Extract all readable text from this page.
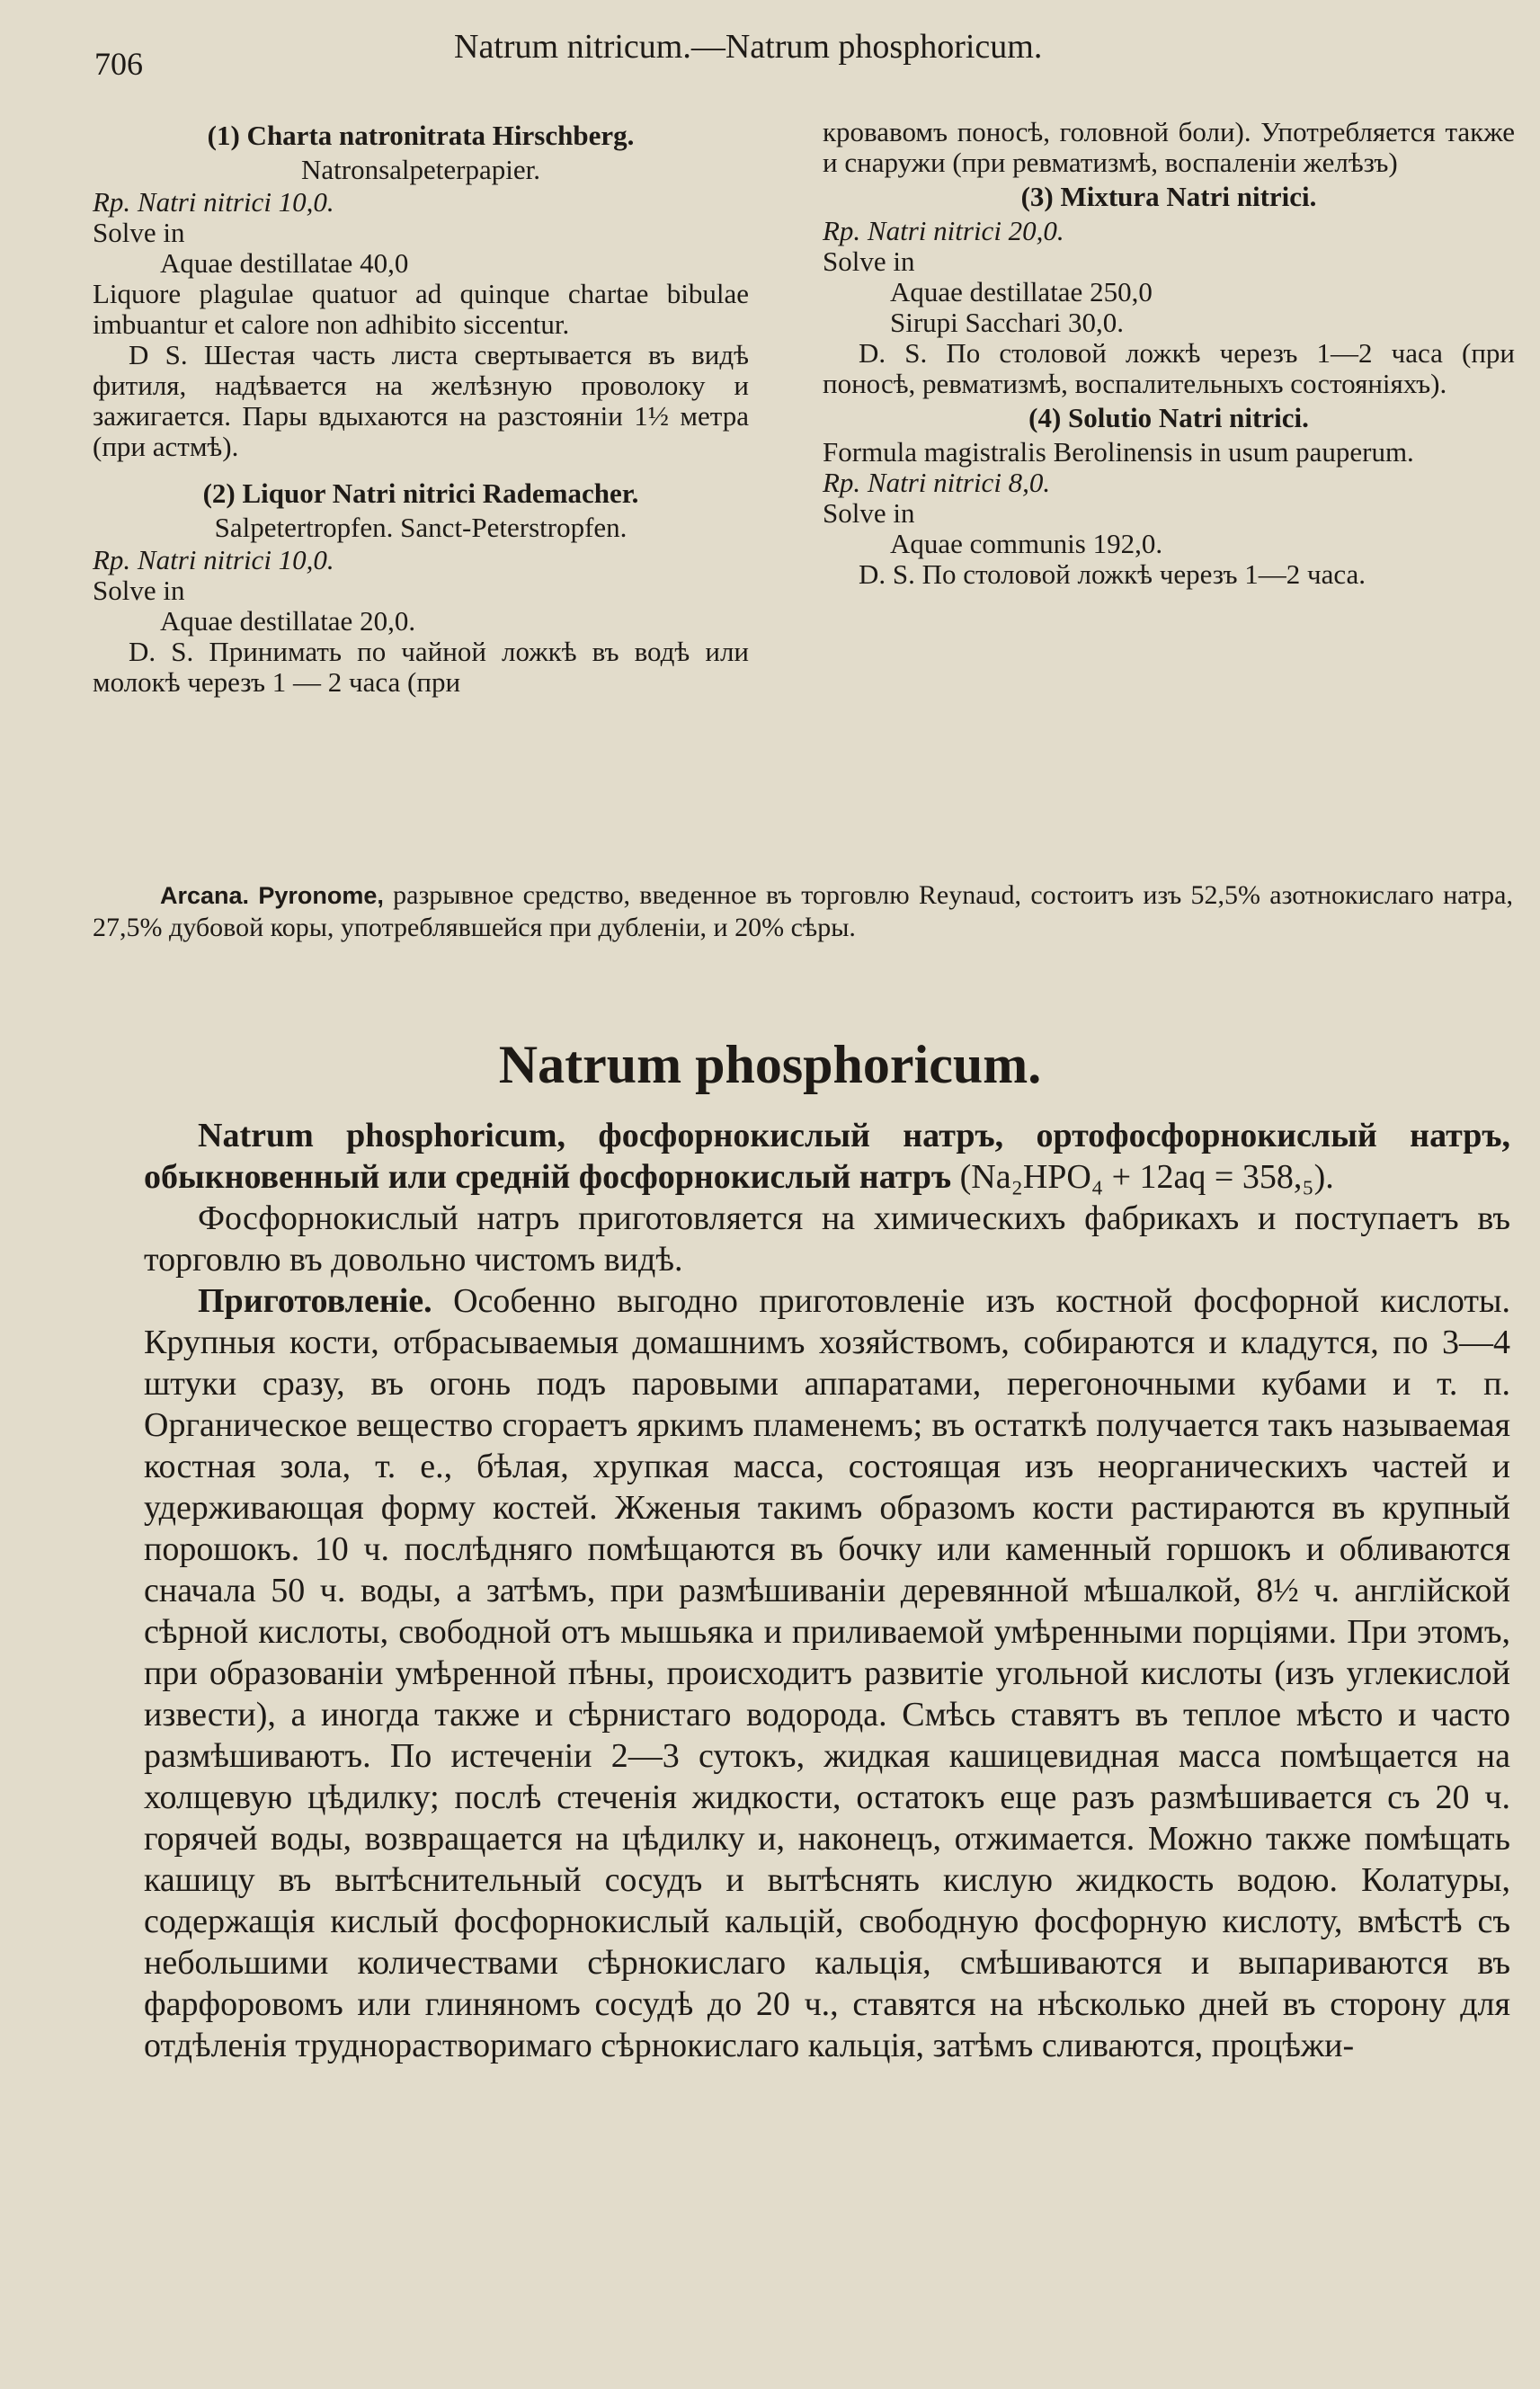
706	Natrum nitricum.—Natrum phosphoricum.
(1) Charta natronitrata Hirschberg.
Natronsalpeterpapier.
Rp. Natri nitrici 10,0.
Solve in
Aquae destillatae 40,0

Liquore plagulae quatuor ad quinque chartae bibulae imbuantur et calore non adhibito siccentur.

D S. Шестая часть листа свертывается въ видѣ фитиля, надѣвается на желѣзную проволоку и зажигается. Пары вдыхаются на разстояніи 1½ метра (при астмѣ).

(2) Liquor Natri nitrici Rademacher.
Salpetertropfen. Sanct-Peterstropfen.
Rp. Natri nitrici 10,0.
Solve in
Aquae destillatae 20,0.

D. S. Принимать по чайной ложкѣ въ водѣ или молокѣ черезъ 1 — 2 часа (при

кровавомъ поносѣ, головной боли). Употребляется также и снаружи (при ревматизмѣ, воспаленіи желѣзъ)

(3) Mixtura Natri nitrici.
Rp. Natri nitrici 20,0.
Solve in
Aquae destillatae 250,0
Sirupi Sacchari 30,0.

D. S. По столовой ложкѣ черезъ 1—2 часа (при поносѣ, ревматизмѣ, воспалительныхъ состояніяхъ).

(4) Solutio Natri nitrici.

Formula magistralis Berolinensis in usum pauperum.

Rp. Natri nitrici 8,0.
Solve in
Aquae communis 192,0.

D. S. По столовой ложкѣ черезъ 1—2 часа.

Arcana. Pyronome, разрывное средство, введенное въ торговлю Reynaud, состоитъ изъ 52,5% азотнокислаго натра, 27,5% дубовой коры, употреблявшейся при дубленіи, и 20% сѣры.

Natrum phosphoricum.

Natrum phosphoricum, фосфорнокислый натръ, ортофосфорнокислый натръ, обыкновенный или средній фосфорнокислый натръ (Na₂HPO₄ + 12aq = 358,₅).

Фосфорнокислый натръ приготовляется на химическихъ фабрикахъ и поступаетъ въ торговлю въ довольно чистомъ видѣ.

Приготовленіе. Особенно выгодно приготовленіе изъ костной фосфорной кислоты. Крупныя кости, отбрасываемыя домашнимъ хозяйствомъ, собираются и кладутся, по 3—4 штуки сразу, въ огонь подъ паровыми аппаратами, перегоночными кубами и т. п. Органическое вещество сгораетъ яркимъ пламенемъ; въ остаткѣ получается такъ называемая костная зола, т. е., бѣлая, хрупкая масса, состоящая изъ неорганическихъ частей и удерживающая форму костей. Жженыя такимъ образомъ кости растираются въ крупный порошокъ. 10 ч. послѣдняго помѣщаются въ бочку или каменный горшокъ и обливаются сначала 50 ч. воды, а затѣмъ, при размѣшиваніи деревянной мѣшалкой, 8½ ч. англійской сѣрной кислоты, свободной отъ мышьяка и приливаемой умѣренными порціями. При этомъ, при образованіи умѣренной пѣны, происходитъ развитіе угольной кислоты (изъ углекислой извести), а иногда также и сѣрнистаго водорода. Смѣсь ставятъ въ теплое мѣсто и часто размѣшиваютъ. По истеченіи 2—3 сутокъ, жидкая кашицевидная масса помѣщается на холщевую цѣдилку; послѣ стеченія жидкости, остатокъ еще разъ размѣшивается съ 20 ч. горячей воды, возвращается на цѣдилку и, наконецъ, отжимается. Можно также помѣщать кашицу въ вытѣснительный сосудъ и вытѣснять кислую жидкость водою. Колатуры, содержащія кислый фосфорнокислый кальцій, свободную фосфорную кислоту, вмѣстѣ съ небольшими количествами сѣрнокислаго кальція, смѣшиваются и выпариваются въ фарфоровомъ или глиняномъ сосудѣ до 20 ч., ставятся на нѣсколько дней въ сторону для отдѣленія труднорастворимаго сѣрнокислаго кальція, затѣмъ сливаются, процѣжи-
